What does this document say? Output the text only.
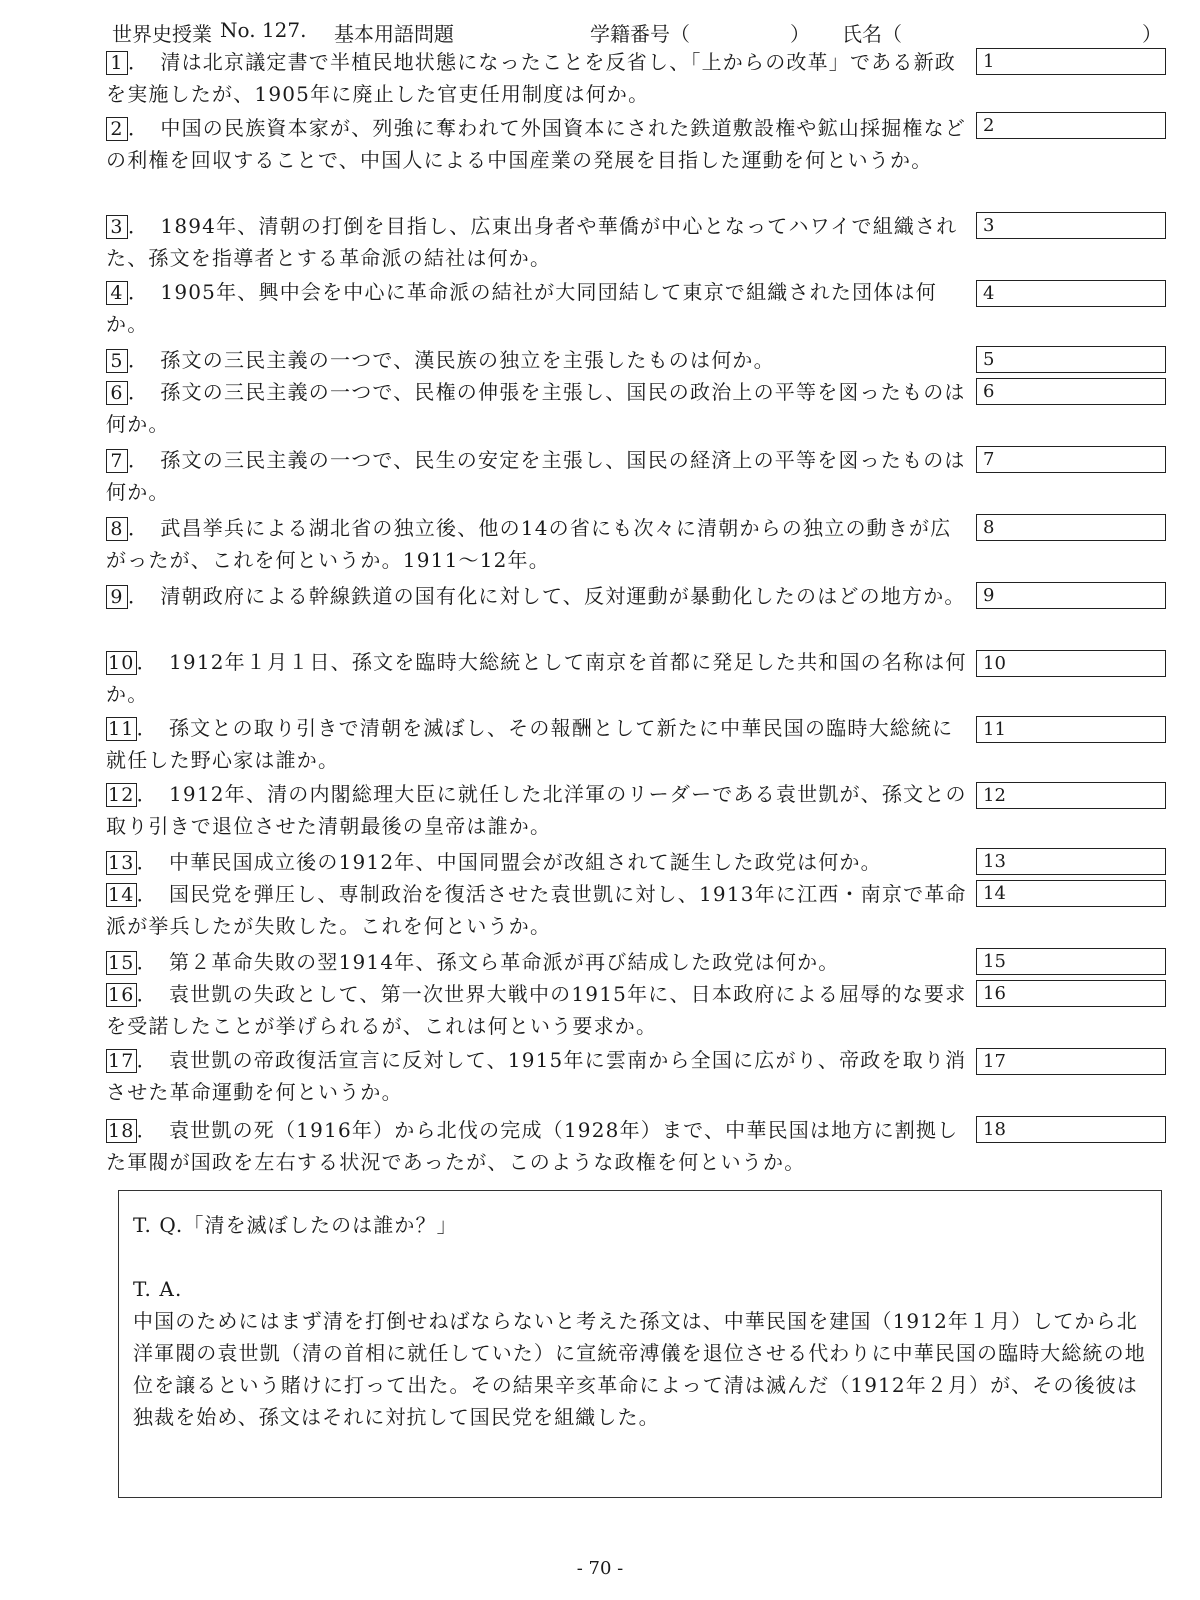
世界史授業 No. 127. 基本用語問題	学籍番号（　　　　　） 氏名（　　　　　　　　　　　　）
1 ．　清は北京議定書で半植民地状態になったことを反省し、「上からの改革」である新政を実施したが、1905年に廃止した官吏任用制度は何か。
1
2 ．　中国の民族資本家が、列強に奪われて外国資本にされた鉄道敷設権や鉱山採掘権などの利権を回収することで、中国人による中国産業の発展を目指した運動を何というか。
2
3 ．　1894年、清朝の打倒を目指し、広東出身者や華僑が中心となってハワイで組織された、孫文を指導者とする革命派の結社は何か。
3
4 ．　1905年、興中会を中心に革命派の結社が大同団結して東京で組織された団体は何か。
4
5 ．　孫文の三民主義の一つで、漢民族の独立を主張したものは何か。	5
6 ．　孫文の三民主義の一つで、民権の伸張を主張し、国民の政治上の平等を図ったものは何か。
6
7 ．　孫文の三民主義の一つで、民生の安定を主張し、国民の経済上の平等を図ったものは何か。
7
8 ．　武昌挙兵による湖北省の独立後、他の14の省にも次々に清朝からの独立の動きが広がったが、これを何というか。1911～12年。
8
9 ．　清朝政府による幹線鉄道の国有化に対して、反対運動が暴動化したのはどの地方か。 9
10 ．　1912年１月１日、孫文を臨時大総統として南京を首都に発足した共和国の名称は何か。
10
11 ．　孫文との取り引きで清朝を滅ぼし、その報酬として新たに中華民国の臨時大総統に就任した野心家は誰か。
11
12 ．　1912年、清の内閣総理大臣に就任した北洋軍のリーダーである袁世凱が、孫文との取り引きで退位させた清朝最後の皇帝は誰か。
12
13 ．　中華民国成立後の1912年、中国同盟会が改組されて誕生した政党は何か。	13
14 ．　国民党を弾圧し、専制政治を復活させた袁世凱に対し、1913年に江西・南京で革命派が挙兵したが失敗した。これを何というか。
14
15 ．　第２革命失敗の翌1914年、孫文ら革命派が再び結成した政党は何か。	15
16 ．　袁世凱の失政として、第一次世界大戦中の1915年に、日本政府による屈辱的な要求を受諾したことが挙げられるが、これは何という要求か。
16
17 ．　袁世凱の帝政復活宣言に反対して、1915年に雲南から全国に広がり、帝政を取り消させた革命運動を何というか。
17
18 ．　袁世凱の死（1916年）から北伐の完成（1928年）まで、中華民国は地方に割拠した軍閥が国政を左右する状況であったが、このような政権を何というか。
18

T. Q.「清を滅ぼしたのは誰か？」

T. A.

中国のためにはまず清を打倒せねばならないと考えた孫文は、中華民国を建国（1912年１月）してから北洋軍閥の袁世凱（清の首相に就任していた）に宣統帝溥儀を退位させる代わりに中華民国の臨時大総統の地位を譲るという賭けに打って出た。その結果辛亥革命によって清は滅んだ（1912年２月）が、その後彼は独裁を始め、孫文はそれに対抗して国民党を組織した。

- 70 -
